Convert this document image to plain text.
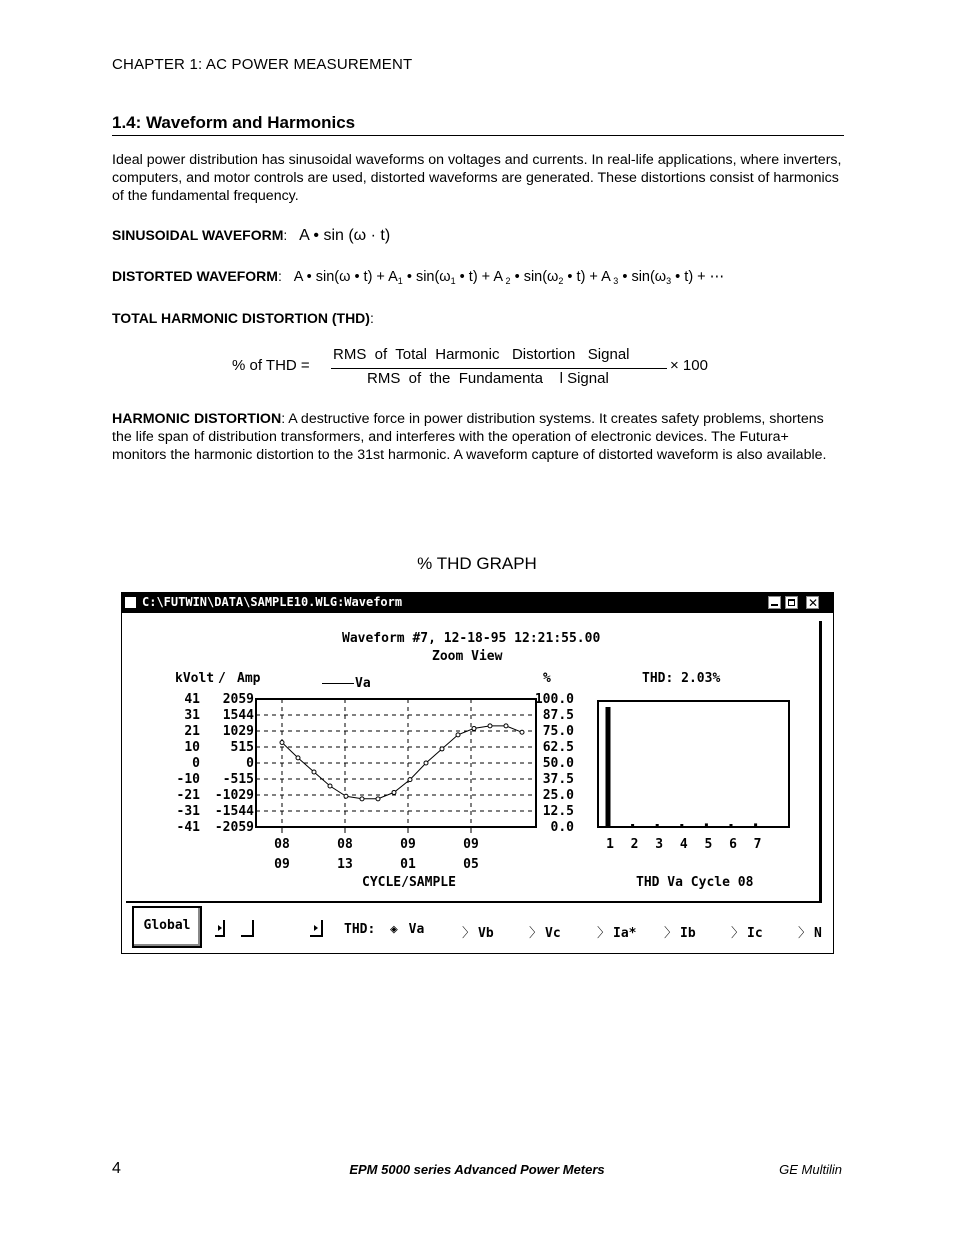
CHAPTER 1: AC POWER MEASUREMENT
1.4: Waveform and Harmonics
Ideal power distribution has sinusoidal waveforms on voltages and currents. In real-life applications, where inverters, computers, and motor controls are used, distorted waveforms are generated. These distortions consist of harmonics of the fundamental frequency.
SINUSOIDAL WAVEFORM: A • sin (ω · t)
DISTORTED WAVEFORM: A • sin(ω • $t) + A_1$ • $\sin(\omega_1$ • t) + A $_2$ • $\sin(\omega_2$ • t) + A $_3$ • $\sin(\omega_3$ • t) + ⋯
TOTAL HARMONIC DISTORTION (THD):
% of THD =
RMS  of  Total  Harmonic   Distortion   Signal
RMS  of  the  Fundamenta    l Signal
× 100
HARMONIC DISTORTION: A destructive force in power distribution systems. It creates safety problems, shortens the life span of distribution transformers, and interferes with the operation of electronic devices. The Futura+ monitors the harmonic distortion to the 31st harmonic. A waveform capture of distorted waveform is also available.
% THD GRAPH
C:\FUTWIN\DATA\SAMPLE10.WLG:Waveform	✕
08
09
08
13
09
01
09
05
41 2059	100.0
31 1544	87.5
21 1029	75.0
10 515	62.5
0	0	50.0
-10 -515	37.5
-21 -1029	25.0
-31 -1544	12.5
-41 -2059	0.0
1 2 3 4 5 6 7
Waveform #7, 12-18-95 12:21:55.00
Zoom View
kVolt / Amp	Va	%	THD: 2.03%
CYCLE/SAMPLE	THD Va Cycle 08
Global	THD: ◈ Va	〉 Vb	〉 Vc	〉 Ia* 〉 Ib	〉 Ic	〉 N
4	EPM 5000 series Advanced Power Meters	GE Multilin
